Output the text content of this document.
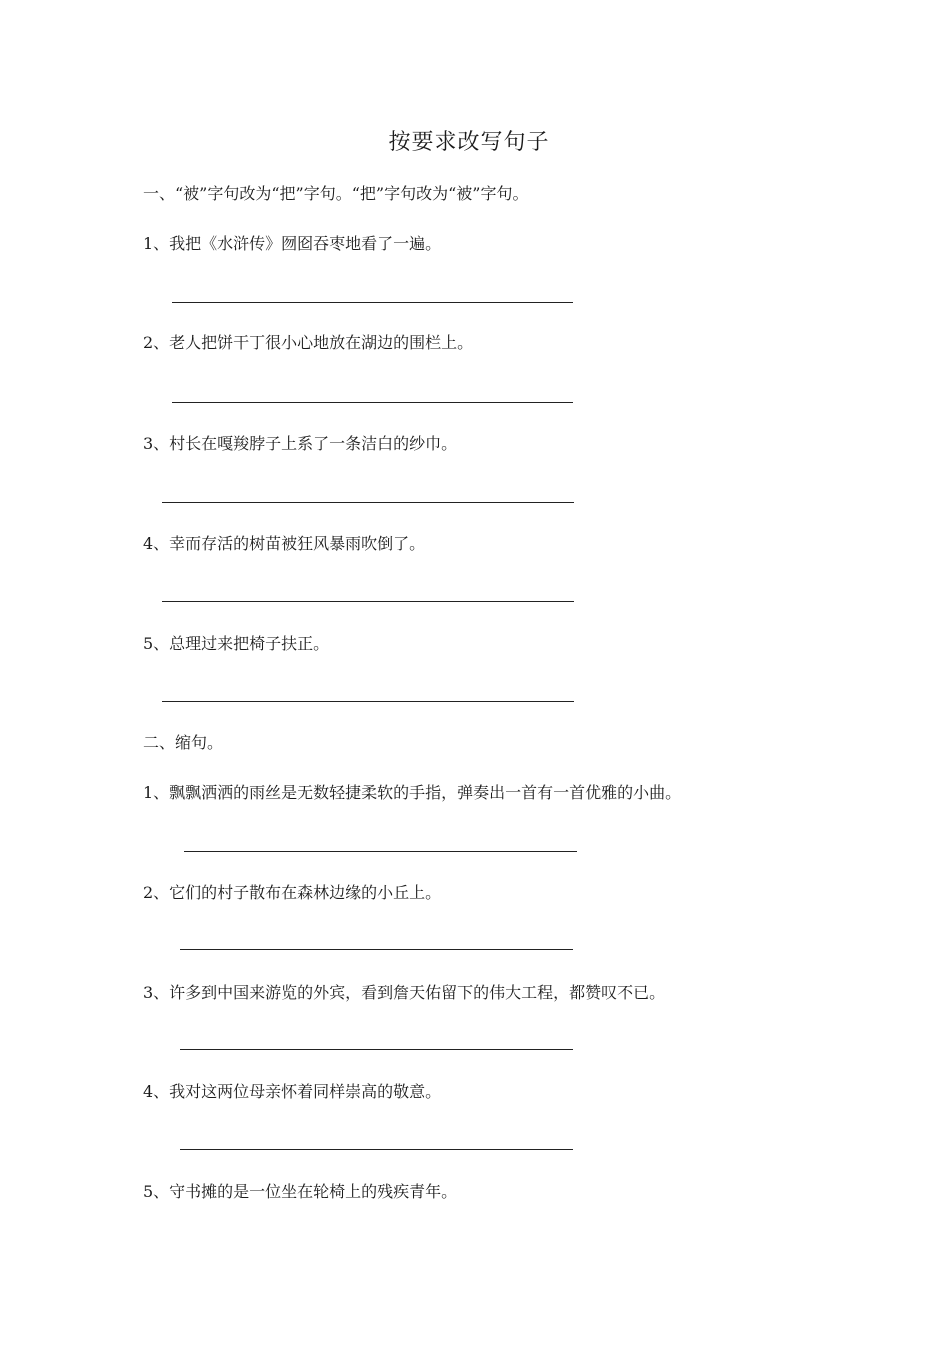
按要求改写句子
一、“被”字句改为“把”字句。“把”字句改为“被”字句。
1、我把《水浒传》囫囵吞枣地看了一遍。
2、老人把饼干丁很小心地放在湖边的围栏上。
3、村长在嘎羧脖子上系了一条洁白的纱巾。
4、幸而存活的树苗被狂风暴雨吹倒了。
5、总理过来把椅子扶正。
二、缩句。
1、飘飘洒洒的雨丝是无数轻捷柔软的手指，弹奏出一首有一首优雅的小曲。
2、它们的村子散布在森林边缘的小丘上。
3、许多到中国来游览的外宾，看到詹天佑留下的伟大工程，都赞叹不已。
4、我对这两位母亲怀着同样崇高的敬意。
5、守书摊的是一位坐在轮椅上的残疾青年。
